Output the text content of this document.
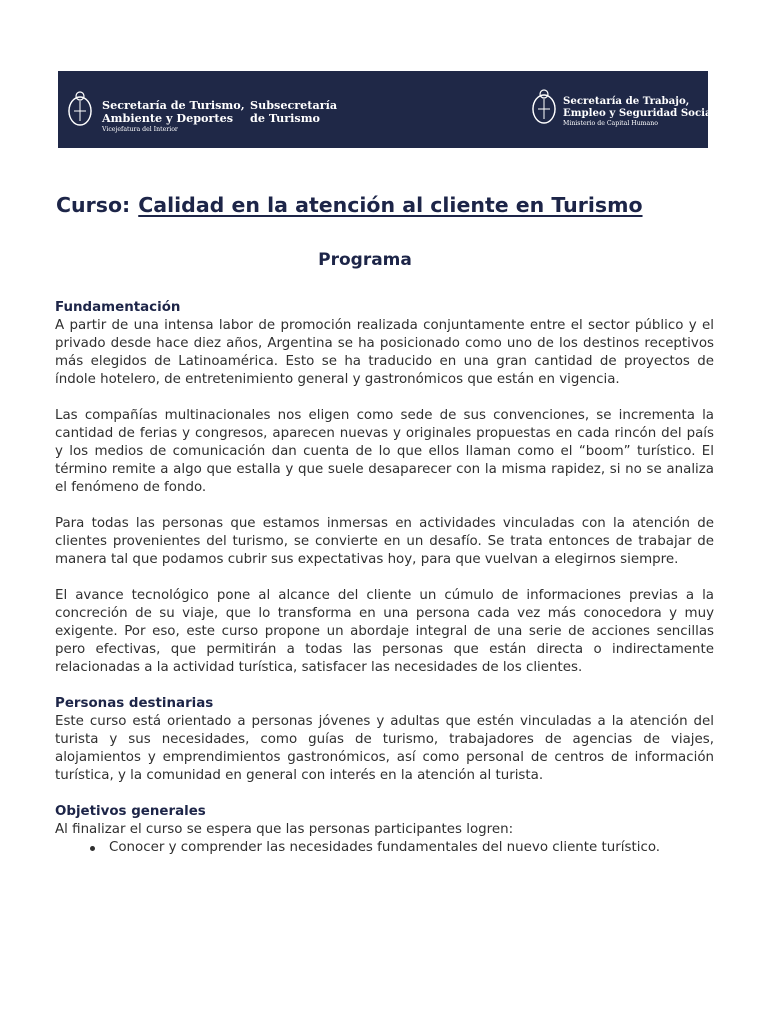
Secretaría de Turismo,
Ambiente y Deportes
Vicejefatura del Interior
Subsecretaría
de Turismo
Secretaría de Trabajo,
Empleo y Seguridad Social
Ministerio de Capital Humano
Curso: Calidad en la atención al cliente en Turismo
Programa
Fundamentación

A partir de una intensa labor de promoción realizada conjuntamente entre el sector público y el privado desde hace diez años, Argentina se ha posicionado como uno de los destinos receptivos más elegidos de Latinoamérica. Esto se ha traducido en una gran cantidad de proyectos de índole hotelero, de entretenimiento general y gastronómicos que están en vigencia.

Las compañías multinacionales nos eligen como sede de sus convenciones, se incrementa la cantidad de ferias y congresos, aparecen nuevas y originales propuestas en cada rincón del país y los medios de comunicación dan cuenta de lo que ellos llaman como el “boom” turístico. El término remite a algo que estalla y que suele desaparecer con la misma rapidez, si no se analiza el fenómeno de fondo.

Para todas las personas que estamos inmersas en actividades vinculadas con la atención de clientes provenientes del turismo, se convierte en un desafío. Se trata entonces de trabajar de manera tal que podamos cubrir sus expectativas hoy, para que vuelvan a elegirnos siempre.

El avance tecnológico pone al alcance del cliente un cúmulo de informaciones previas a la concreción de su viaje, que lo transforma en una persona cada vez más conocedora y muy exigente. Por eso, este curso propone un abordaje integral de una serie de acciones sencillas pero efectivas, que permitirán a todas las personas que están directa o indirectamente relacionadas a la actividad turística, satisfacer las necesidades de los clientes.

Personas destinarias

Este curso está orientado a personas jóvenes y adultas que estén vinculadas a la atención del turista y sus necesidades, como guías de turismo, trabajadores de agencias de viajes, alojamientos y emprendimientos gastronómicos, así como personal de centros de información turística, y la comunidad en general con interés en la atención al turista.

Objetivos generales

Al finalizar el curso se espera que las personas participantes logren:

Conocer y comprender las necesidades fundamentales del nuevo cliente turístico.
